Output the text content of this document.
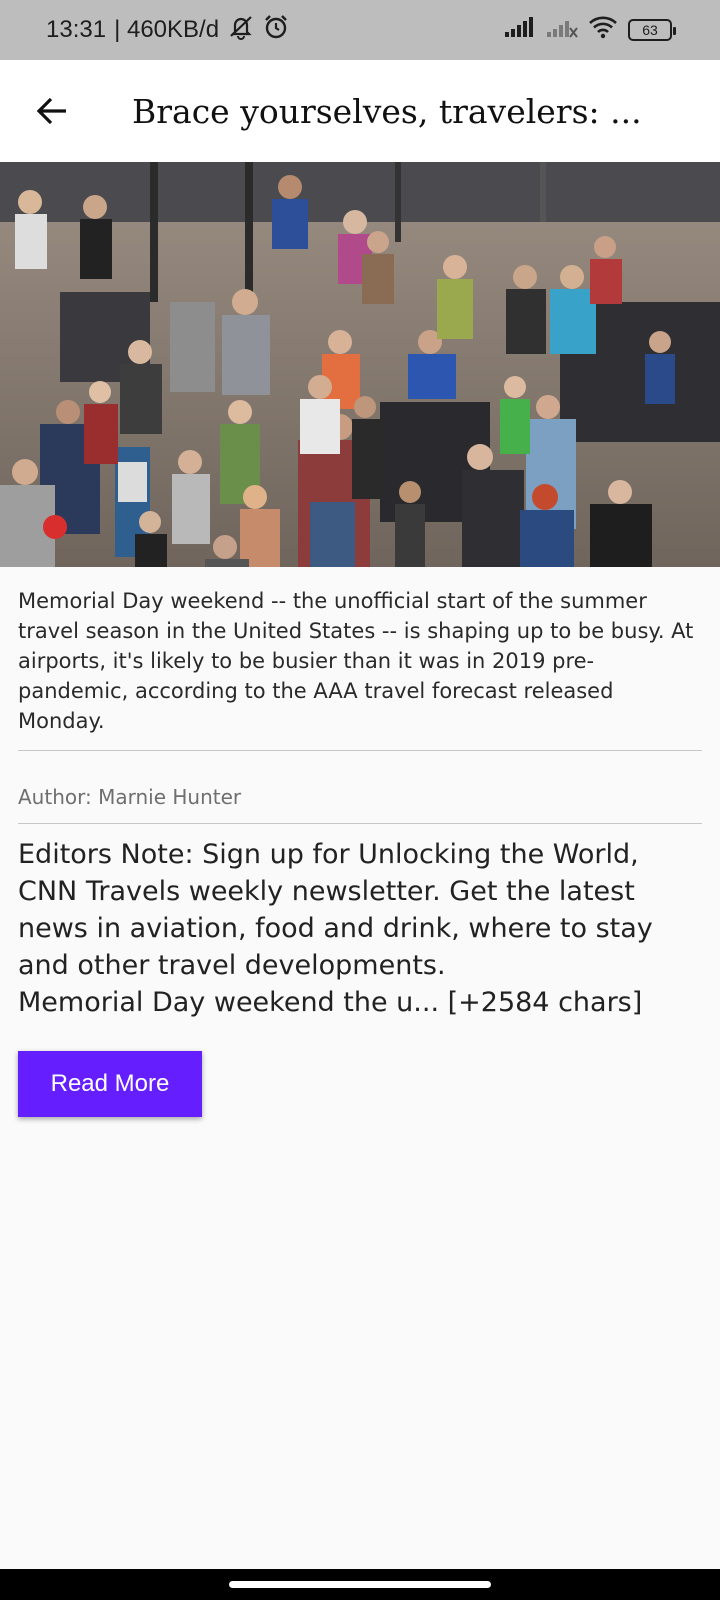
13:31 | 460KB/d	63
Brace yourselves, travelers: ...

Memorial Day weekend -- the unofficial start of the summer travel season in the United States -- is shaping up to be busy. At airports, it's likely to be busier than it was in 2019 pre-pandemic, according to the AAA travel forecast released Monday.

Author: Marnie Hunter

Editors Note: Sign up for Unlocking the World, CNN Travels weekly newsletter. Get the latest news in aviation, food and drink, where to stay and other travel developments.

Memorial Day weekend the u... [+2584 chars]

Read More
